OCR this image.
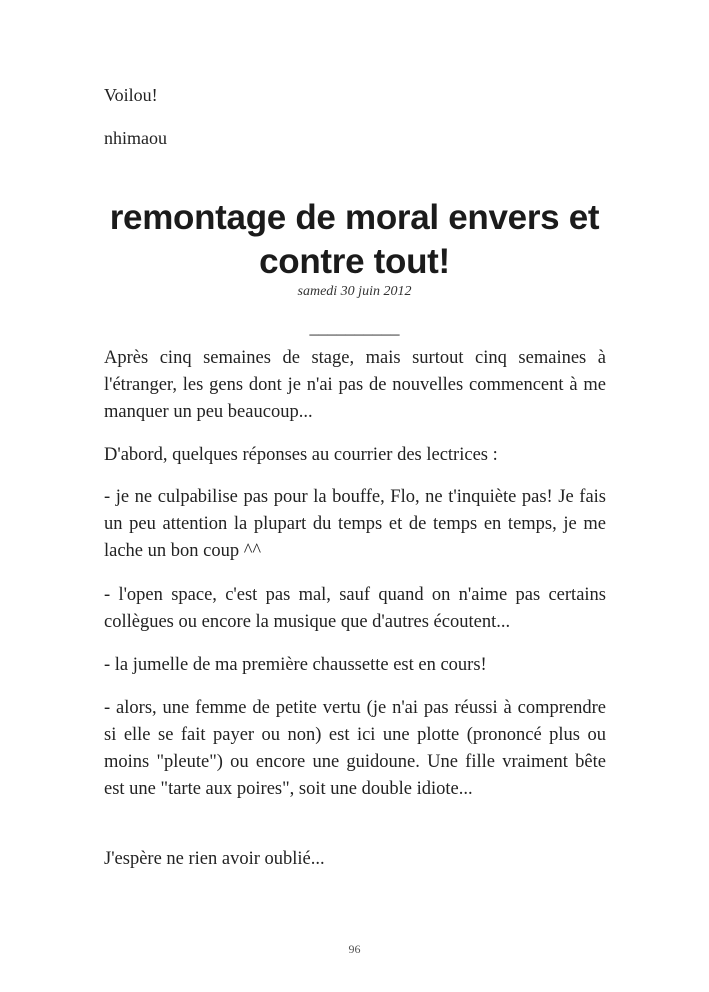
Voilou!
nhimaou
remontage de moral envers et
contre tout!
samedi 30 juin 2012
__________
Après cinq semaines de stage, mais surtout cinq semaines à l'étranger, les gens dont je n'ai pas de nouvelles commencent à me manquer un peu beaucoup...
D'abord, quelques réponses au courrier des lectrices :
- je ne culpabilise pas pour la bouffe, Flo, ne t'inquiète pas! Je fais un peu attention la plupart du temps et de temps en temps, je me lache un bon coup ^^
- l'open space, c'est pas mal, sauf quand on n'aime pas certains collègues ou encore la musique que d'autres écoutent...
- la jumelle de ma première chaussette est en cours!
- alors, une femme de petite vertu (je n'ai pas réussi à comprendre si elle se fait payer ou non) est ici une plotte (prononcé plus ou moins "pleute") ou encore une guidoune. Une fille vraiment bête est une "tarte aux poires", soit une double idiote...
J'espère ne rien avoir oublié...
96
